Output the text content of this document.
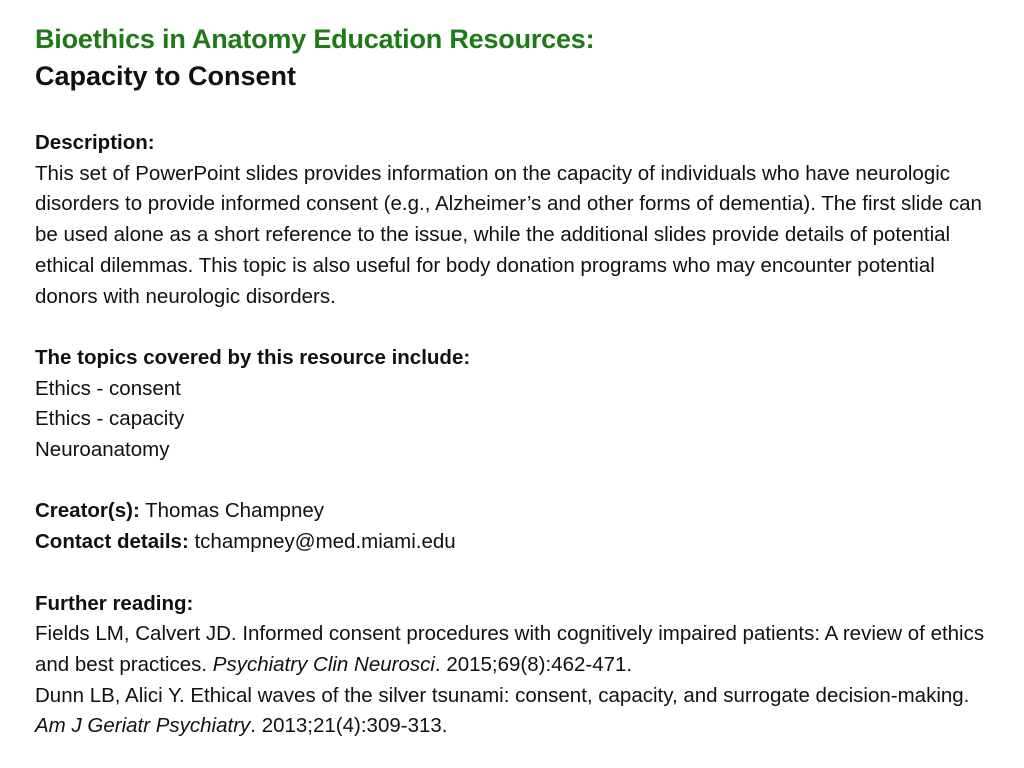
Bioethics in Anatomy Education Resources:
Capacity to Consent

Description:

This set of PowerPoint slides provides information on the capacity of individuals who have neurologic disorders to provide informed consent (e.g., Alzheimer’s and other forms of dementia). The first slide can be used alone as a short reference to the issue, while the additional slides provide details of potential ethical dilemmas. This topic is also useful for body donation programs who may encounter potential donors with neurologic disorders.

The topics covered by this resource include:

Ethics - consent

Ethics - capacity

Neuroanatomy

Creator(s): Thomas Champney

Contact details: tchampney@med.miami.edu

Further reading:

Fields LM, Calvert JD. Informed consent procedures with cognitively impaired patients: A review of ethics and best practices. Psychiatry Clin Neurosci. 2015;69(8):462-471.

Dunn LB, Alici Y. Ethical waves of the silver tsunami: consent, capacity, and surrogate decision-making. Am J Geriatr Psychiatry. 2013;21(4):309-313.
